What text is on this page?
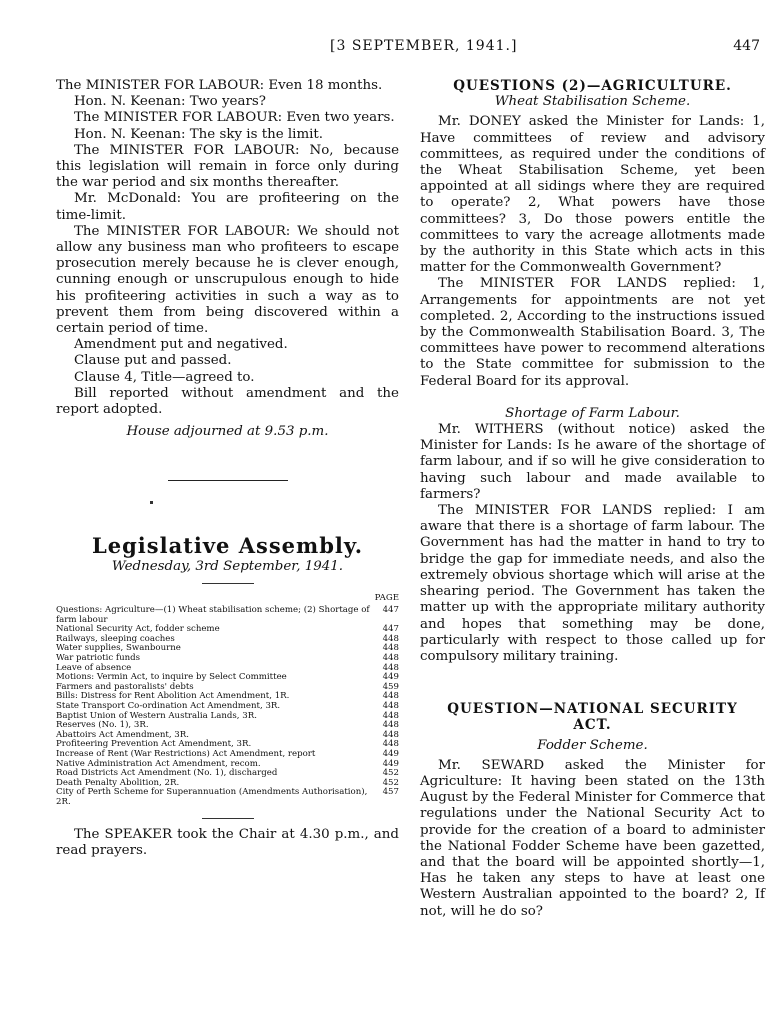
[3 SEPTEMBER, 1941.]	447

The MINISTER FOR LABOUR: Even 18 months.

Hon. N. Keenan: Two years?

The MINISTER FOR LABOUR: Even two years.

Hon. N. Keenan: The sky is the limit.

The MINISTER FOR LABOUR: No, because this legislation will remain in force only during the war period and six months thereafter.

Mr. McDonald: You are profiteering on the time-limit.

The MINISTER FOR LABOUR: We should not allow any business man who profiteers to escape prosecution merely because he is clever enough, cunning enough or unscrupulous enough to hide his profiteering activities in such a way as to prevent them from being discovered within a certain period of time.

Amendment put and negatived.

Clause put and passed.

Clause 4, Title—agreed to.

Bill reported without amendment and the report adopted.

House adjourned at 9.53 p.m.

Legislative Assembly.

Wednesday, 3rd September, 1941.

PAGE
Questions: Agriculture—(1) Wheat stabilisation scheme; (2) Shortage of farm labour	447
National Security Act, fodder scheme	447
Railways, sleeping coaches	448
Water supplies, Swanbourne	448
War patriotic funds	448
Leave of absence	448
Motions: Vermin Act, to inquire by Select Committee	449
Farmers and pastoralists' debts	459
Bills: Distress for Rent Abolition Act Amendment, 1R.	448
State Transport Co-ordination Act Amendment, 3R.	448
Baptist Union of Western Australia Lands, 3R.	448
Reserves (No. 1), 3R.	448
Abattoirs Act Amendment, 3R.	448
Profiteering Prevention Act Amendment, 3R.	448
Increase of Rent (War Restrictions) Act Amendment, report	449
Native Administration Act Amendment, recom.	449
Road Districts Act Amendment (No. 1), discharged	452
Death Penalty Abolition, 2R.	452
City of Perth Scheme for Superannuation (Amendments Authorisation), 2R.	457

The SPEAKER took the Chair at 4.30 p.m., and read prayers.

QUESTIONS (2)—AGRICULTURE.

Wheat Stabilisation Scheme.

Mr. DONEY asked the Minister for Lands: 1, Have committees of review and advisory committees, as required under the conditions of the Wheat Stabilisation Scheme, yet been appointed at all sidings where they are required to operate? 2, What powers have those committees? 3, Do those powers entitle the committees to vary the acreage allotments made by the authority in this State which acts in this matter for the Commonwealth Government?

The MINISTER FOR LANDS replied: 1, Arrangements for appointments are not yet completed. 2, According to the instructions issued by the Commonwealth Stabilisation Board. 3, The committees have power to recommend alterations to the State committee for submission to the Federal Board for its approval.

Shortage of Farm Labour.

Mr. WITHERS (without notice) asked the Minister for Lands: Is he aware of the shortage of farm labour, and if so will he give consideration to having such labour and made available to farmers?

The MINISTER FOR LANDS replied: I am aware that there is a shortage of farm labour. The Government has had the matter in hand to try to bridge the gap for immediate needs, and also the extremely obvious shortage which will arise at the shearing period. The Government has taken the matter up with the appropriate military authority and hopes that something may be done, particularly with respect to those called up for compulsory military training.

QUESTION—NATIONAL SECURITY ACT.

Fodder Scheme.

Mr. SEWARD asked the Minister for Agriculture: It having been stated on the 13th August by the Federal Minister for Commerce that regulations under the National Security Act to provide for the creation of a board to administer the National Fodder Scheme have been gazetted, and that the board will be appointed shortly—1, Has he taken any steps to have at least one Western Australian appointed to the board? 2, If not, will he do so?
